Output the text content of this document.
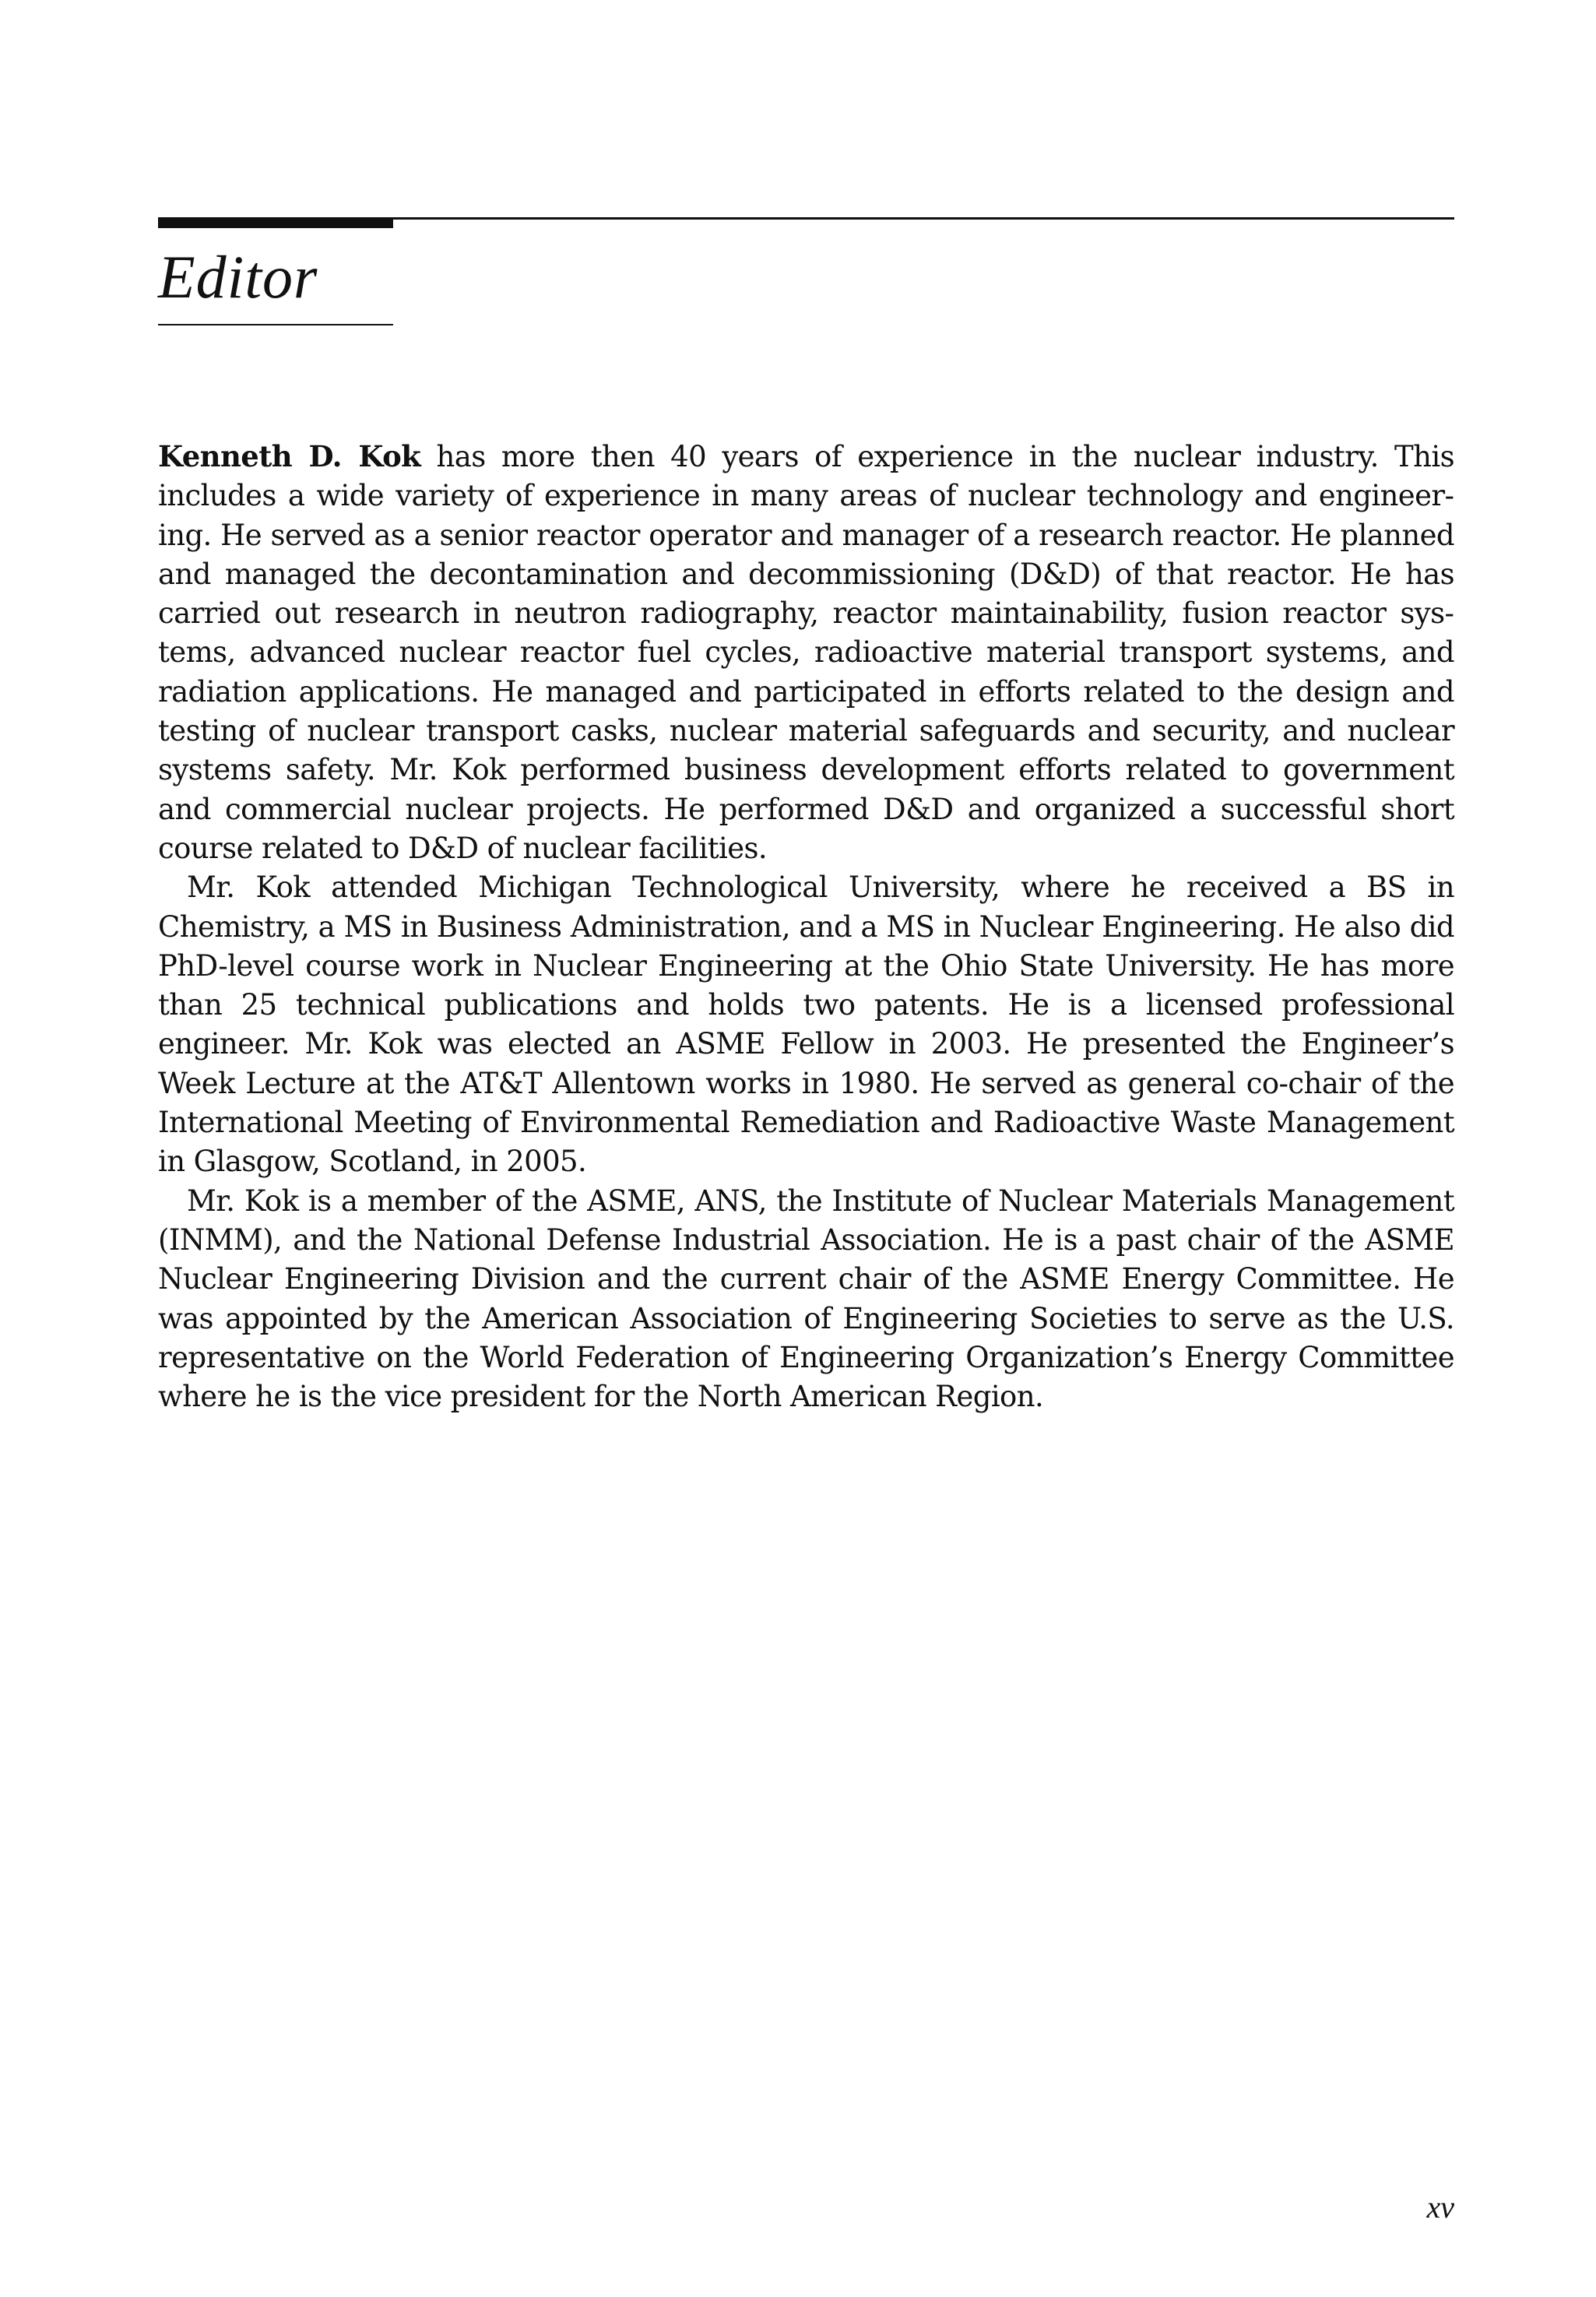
Editor

Kenneth D. Kok has more then 40 years of experience in the nuclear industry. This includes a wide variety of experience in many areas of nuclear technology and engineering. He served as a senior reactor operator and manager of a research reactor. He planned and managed the decontamination and decommissioning (D&D) of that reactor. He has carried out research in neutron radiography, reactor maintainability, fusion reactor systems, advanced nuclear reactor fuel cycles, radioactive material transport systems, and radiation applications. He managed and participated in efforts related to the design and testing of nuclear transport casks, nuclear material safeguards and security, and nuclear systems safety. Mr. Kok performed business development efforts related to government and commercial nuclear projects. He performed D&D and organized a successful short course related to D&D of nuclear facilities.

Mr. Kok attended Michigan Technological University, where he received a BS in Chemistry, a MS in Business Administration, and a MS in Nuclear Engineering. He also did PhD-level course work in Nuclear Engineering at the Ohio State University. He has more than 25 technical publications and holds two patents. He is a licensed professional engineer. Mr. Kok was elected an ASME Fellow in 2003. He presented the Engineer’s Week Lecture at the AT&T Allentown works in 1980. He served as general co-chair of the International Meeting of Environmental Remediation and Radioactive Waste Management in Glasgow, Scotland, in 2005.

Mr. Kok is a member of the ASME, ANS, the Institute of Nuclear Materials Management (INMM), and the National Defense Industrial Association. He is a past chair of the ASME Nuclear Engineering Division and the current chair of the ASME Energy Committee. He was appointed by the American Association of Engineering Societies to serve as the U.S. representative on the World Federation of Engineering Organization’s Energy Committee where he is the vice president for the North American Region.

xv
